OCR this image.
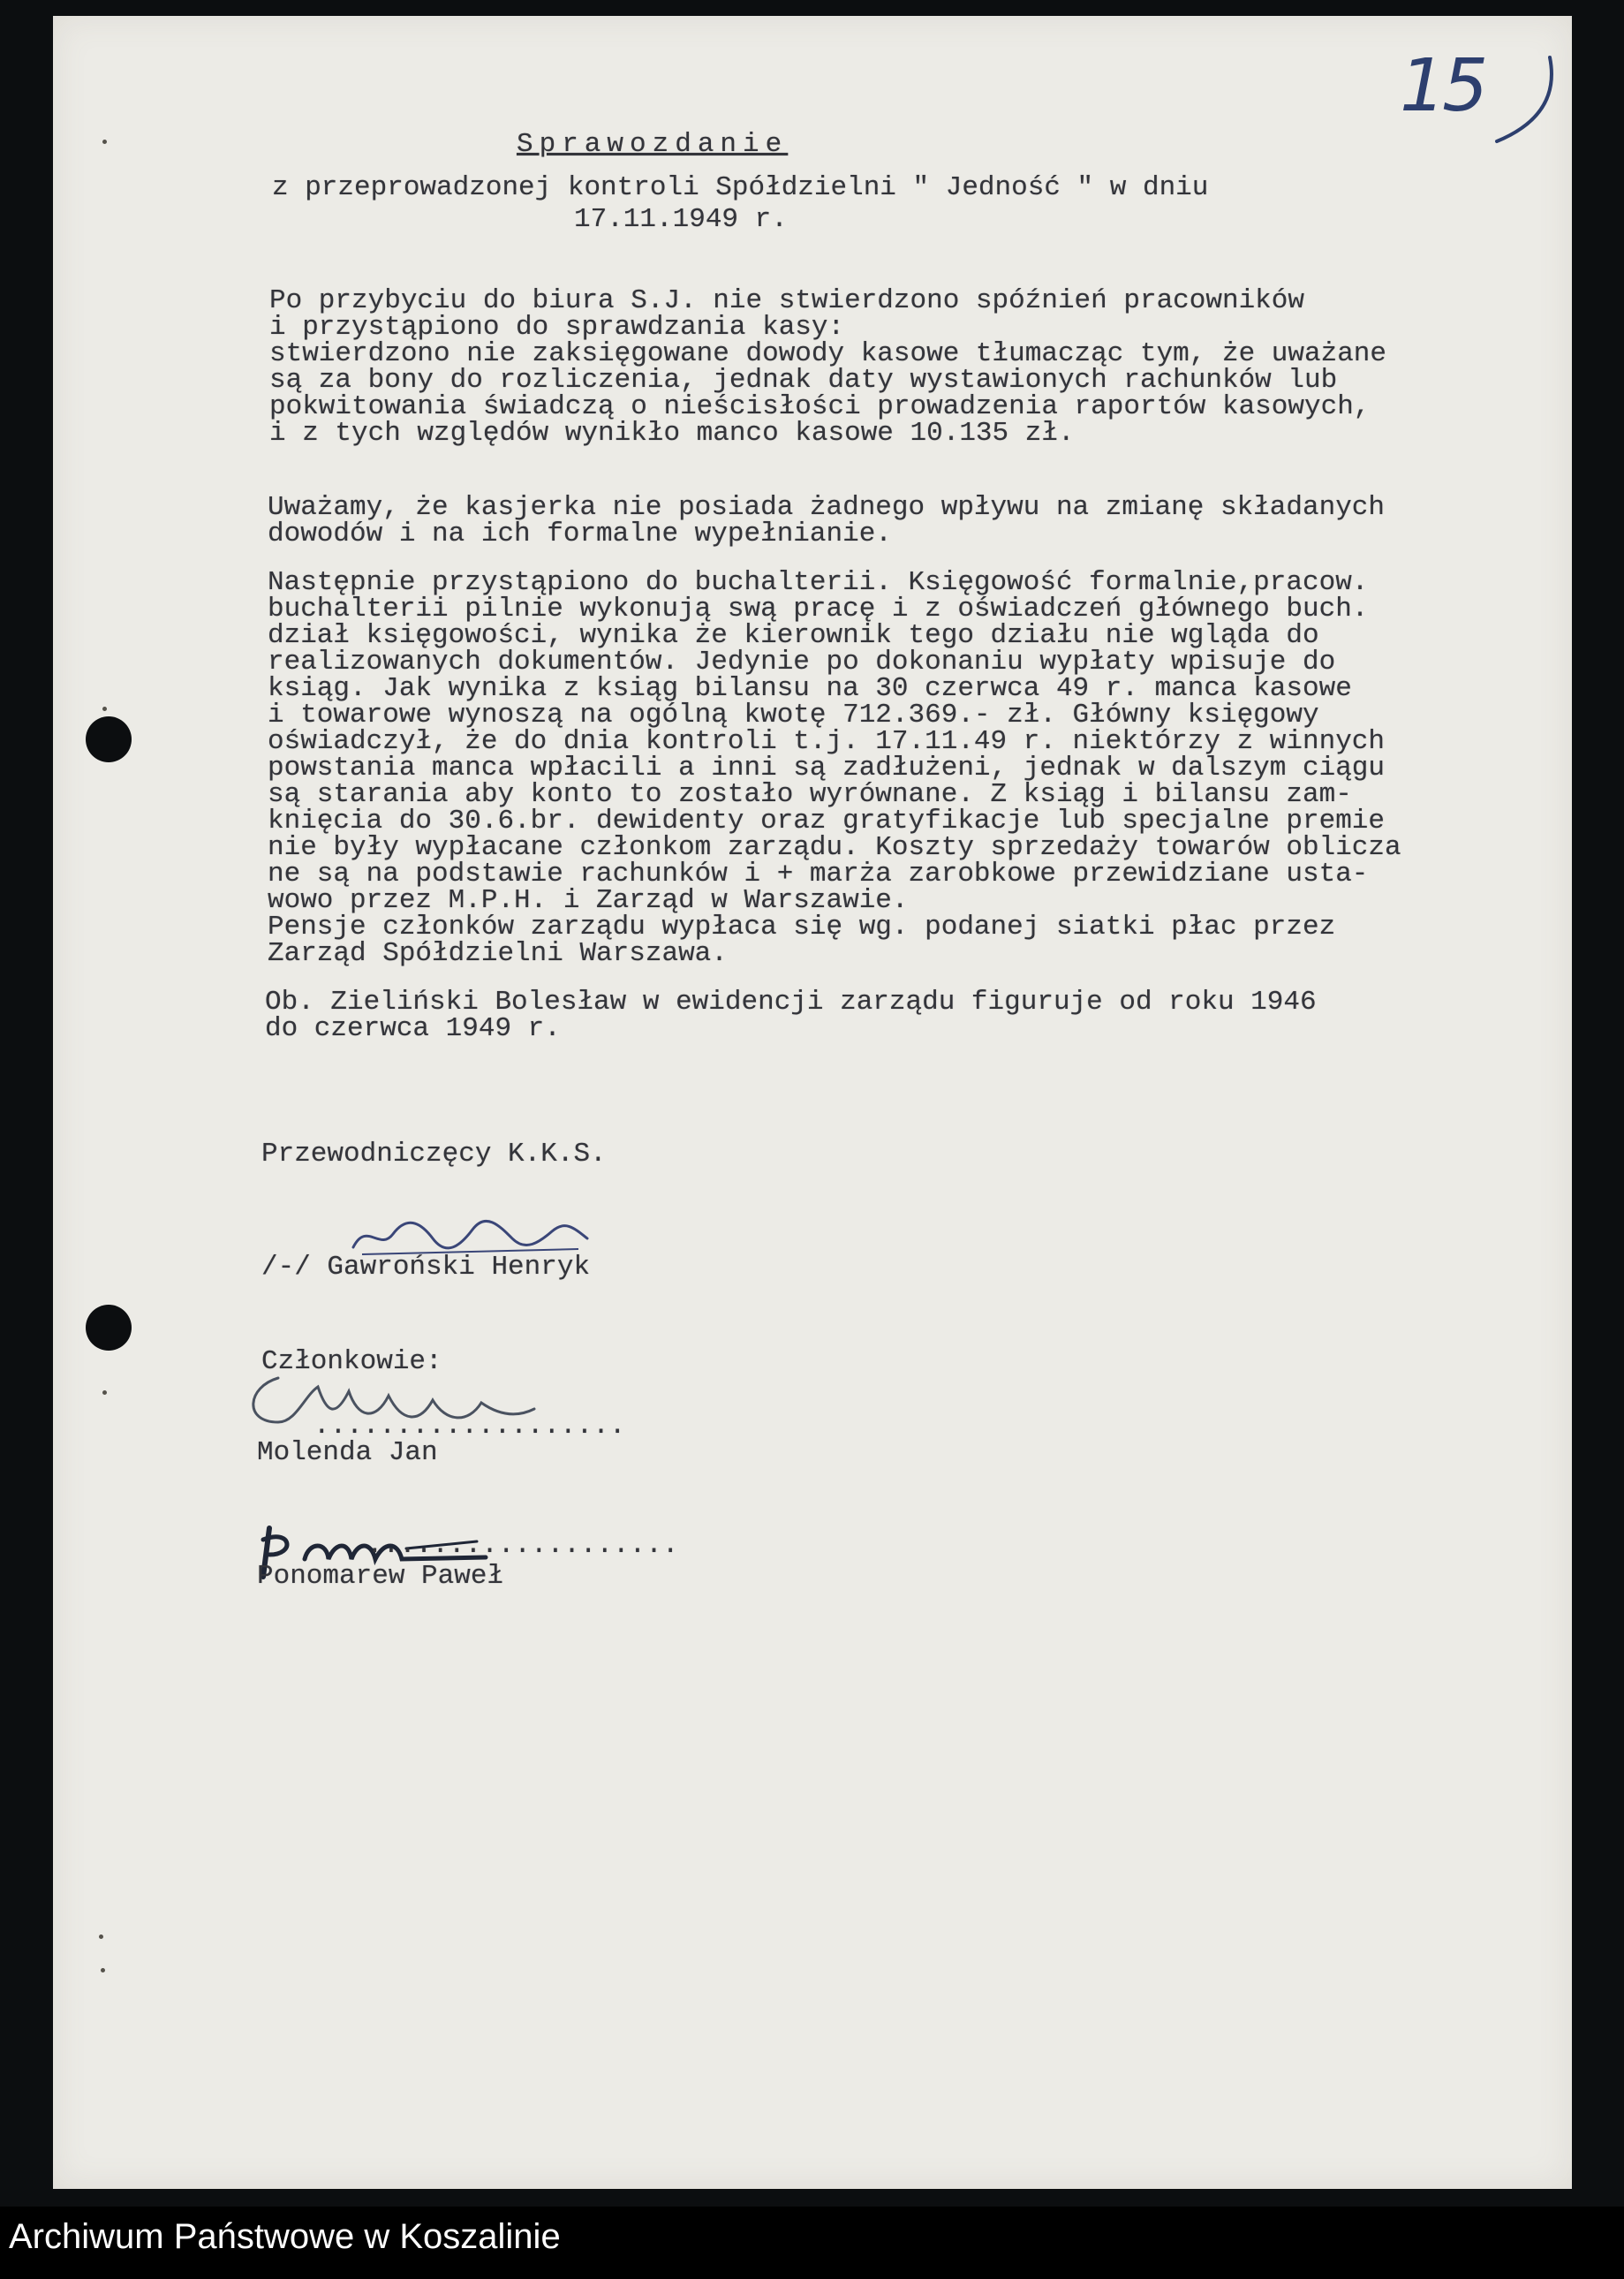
15
Sprawozdanie
z przeprowadzonej kontroli Spółdzielni " Jedność " w dniu
17.11.1949 r.
Po przybyciu do biura S.J. nie stwierdzono spóźnień pracowników
i przystąpiono do sprawdzania kasy:
stwierdzono nie zaksięgowane dowody kasowe tłumacząc tym, że uważane
są za bony do rozliczenia, jednak daty wystawionych rachunków lub
pokwitowania świadczą o nieścisłości prowadzenia raportów kasowych,
i z tych względów wynikło manco kasowe 10.135 zł.
Uważamy, że kasjerka nie posiada żadnego wpływu na zmianę składanych
dowodów i na ich formalne wypełnianie.
Następnie przystąpiono do buchalterii. Księgowość formalnie,pracow.
buchalterii pilnie wykonują swą pracę i z oświadczeń głównego buch.
dział księgowości, wynika że kierownik tego działu nie wgląda do
realizowanych dokumentów. Jedynie po dokonaniu wypłaty wpisuje do
ksiąg. Jak wynika z ksiąg bilansu na 30 czerwca 49 r. manca kasowe
i towarowe wynoszą na ogólną kwotę 712.369.- zł. Główny księgowy
oświadczył, że do dnia kontroli t.j. 17.11.49 r. niektórzy z winnych
powstania manca wpłacili a inni są zadłużeni, jednak w dalszym ciągu
są starania aby konto to zostało wyrównane. Z ksiąg i bilansu zam-
knięcia do 30.6.br. dewidenty oraz gratyfikacje lub specjalne premie
nie były wypłacane członkom zarządu. Koszty sprzedaży towarów oblicza
ne są na podstawie rachunków i + marża zarobkowe przewidziane usta-
wowo przez M.P.H. i Zarząd w Warszawie.
Pensje członków zarządu wypłaca się wg. podanej siatki płac przez
Zarząd Spółdzielni Warszawa.
Ob. Zieliński Bolesław w ewidencji zarządu figuruje od roku 1946
do czerwca 1949 r.
Przewodniczęcy K.K.S.
/-/ Gawroński Henryk
Członkowie:
...................
Molenda Jan
...................
Ponomarew Paweł
Archiwum Państwowe w Koszalinie
